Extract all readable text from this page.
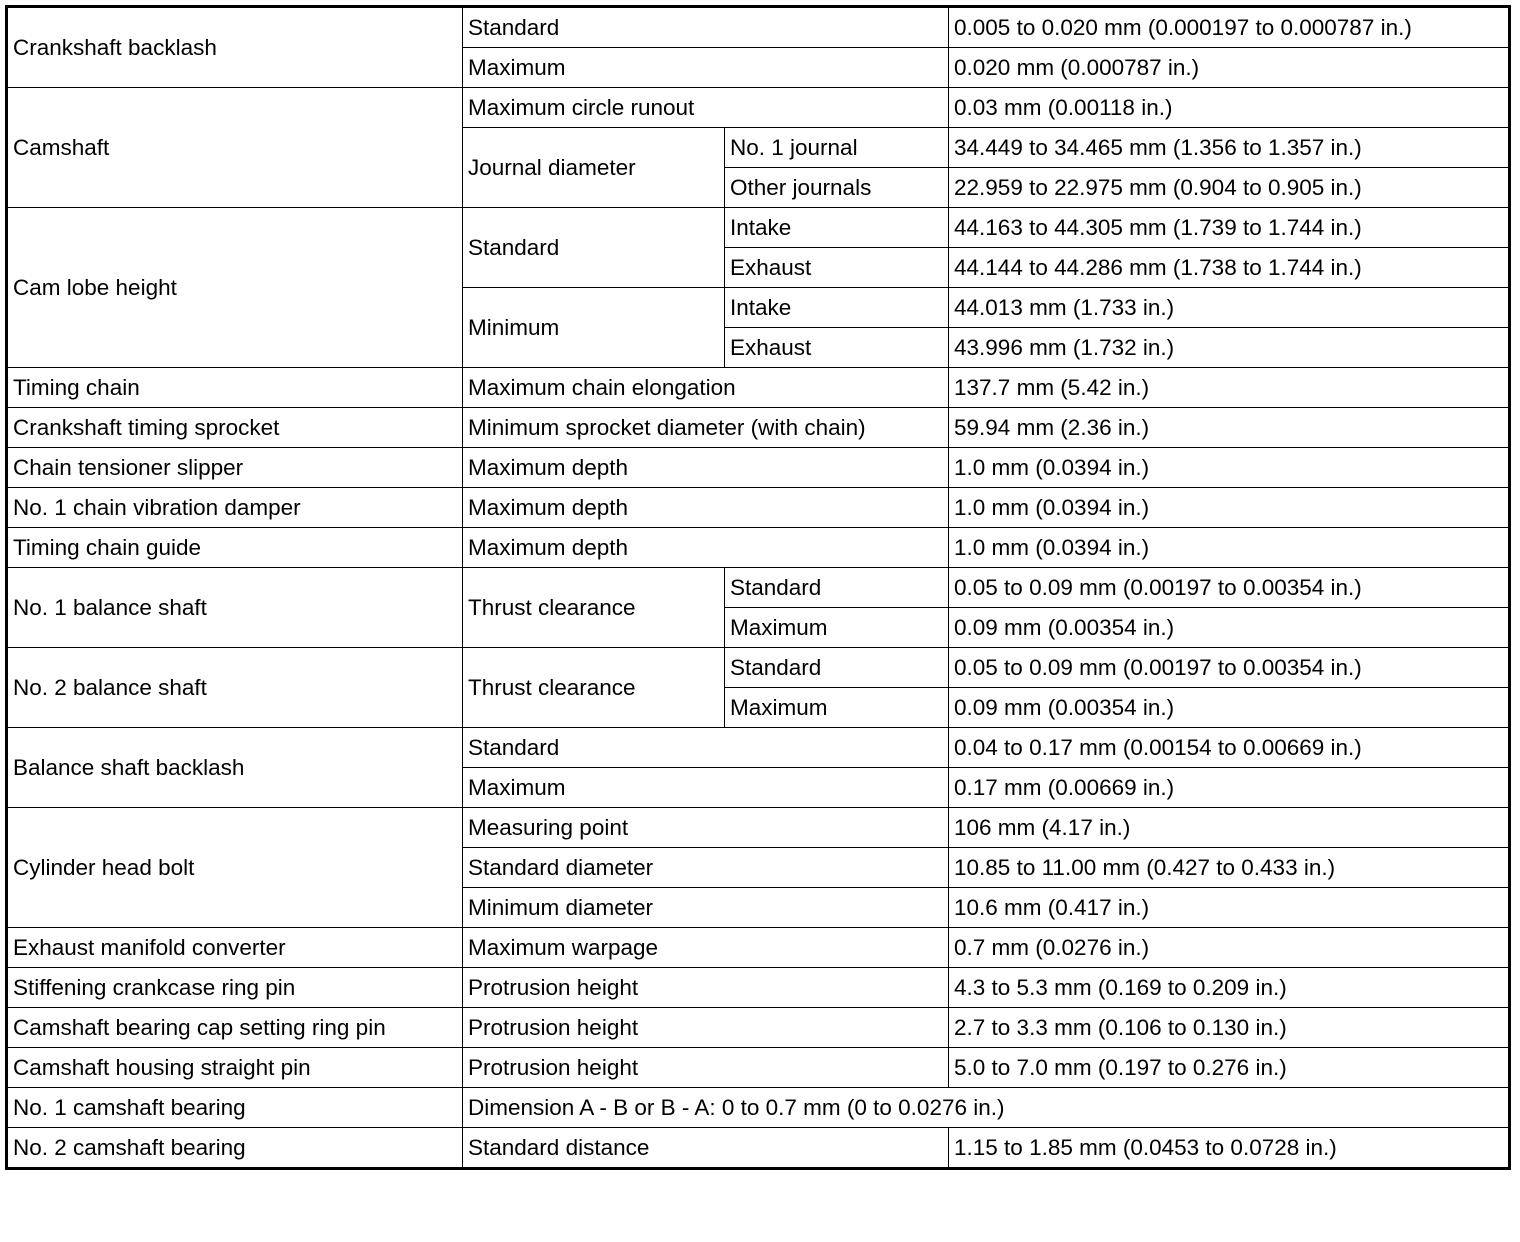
Crankshaft backlash	Standard		0.005 to 0.020 mm (0.000197 to 0.000787 in.)
	Maximum		0.020 mm (0.000787 in.)
Camshaft	Maximum circle runout		0.03 mm (0.00118 in.)
	Journal diameter	No. 1 journal	34.449 to 34.465 mm (1.356 to 1.357 in.)
		Other journals	22.959 to 22.975 mm (0.904 to 0.905 in.)
Cam lobe height	Standard	Intake	44.163 to 44.305 mm (1.739 to 1.744 in.)
		Exhaust	44.144 to 44.286 mm (1.738 to 1.744 in.)
	Minimum	Intake	44.013 mm (1.733 in.)
		Exhaust	43.996 mm (1.732 in.)
Timing chain	Maximum chain elongation		137.7 mm (5.42 in.)
Crankshaft timing sprocket	Minimum sprocket diameter (with chain)		59.94 mm (2.36 in.)
Chain tensioner slipper	Maximum depth		1.0 mm (0.0394 in.)
No. 1 chain vibration damper	Maximum depth		1.0 mm (0.0394 in.)
Timing chain guide	Maximum depth		1.0 mm (0.0394 in.)
No. 1 balance shaft	Thrust clearance	Standard	0.05 to 0.09 mm (0.00197 to 0.00354 in.)
		Maximum	0.09 mm (0.00354 in.)
No. 2 balance shaft	Thrust clearance	Standard	0.05 to 0.09 mm (0.00197 to 0.00354 in.)
		Maximum	0.09 mm (0.00354 in.)
Balance shaft backlash	Standard		0.04 to 0.17 mm (0.00154 to 0.00669 in.)
	Maximum		0.17 mm (0.00669 in.)
Cylinder head bolt	Measuring point		106 mm (4.17 in.)
	Standard diameter		10.85 to 11.00 mm (0.427 to 0.433 in.)
	Minimum diameter		10.6 mm (0.417 in.)
Exhaust manifold converter	Maximum warpage		0.7 mm (0.0276 in.)
Stiffening crankcase ring pin	Protrusion height		4.3 to 5.3 mm (0.169 to 0.209 in.)
Camshaft bearing cap setting ring pin	Protrusion height		2.7 to 3.3 mm (0.106 to 0.130 in.)
Camshaft housing straight pin	Protrusion height		5.0 to 7.0 mm (0.197 to 0.276 in.)
No. 1 camshaft bearing	Dimension A - B or B - A: 0 to 0.7 mm (0 to 0.0276 in.)		
No. 2 camshaft bearing	Standard distance		1.15 to 1.85 mm (0.0453 to 0.0728 in.)
